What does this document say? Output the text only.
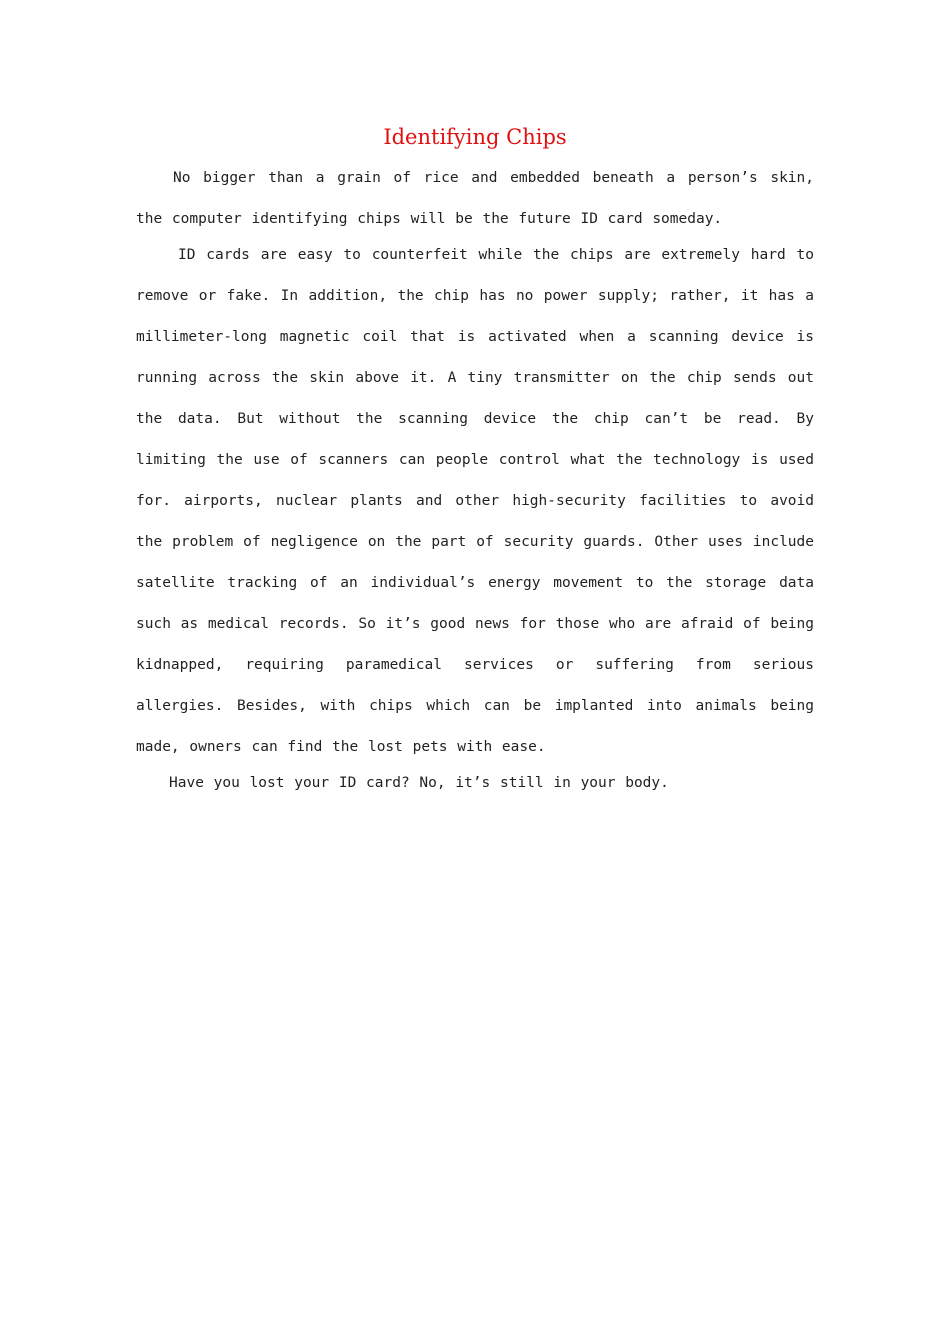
Identifying Chips

No bigger than a grain of rice and embedded beneath a person’s skin, the computer identifying chips will be the future ID card someday.

ID cards are easy to counterfeit while the chips are extremely hard to remove or fake. In addition, the chip has no power supply; rather, it has a millimeter-long magnetic coil that is activated when a scanning device is running across the skin above it. A tiny transmitter on the chip sends out the data. But without the scanning device the chip can’t be read. By limiting the use of scanners can people control what the technology is used for. airports, nuclear plants and other high-security facilities to avoid the problem of negligence on the part of security guards. Other uses include satellite tracking of an individual’s energy movement to the storage data such as medical records. So it’s good news for those who are afraid of being kidnapped, requiring paramedical services or suffering from serious allergies. Besides, with chips which can be implanted into animals being made, owners can find the lost pets with ease.

Have you lost your ID card? No, it’s still in your body.
